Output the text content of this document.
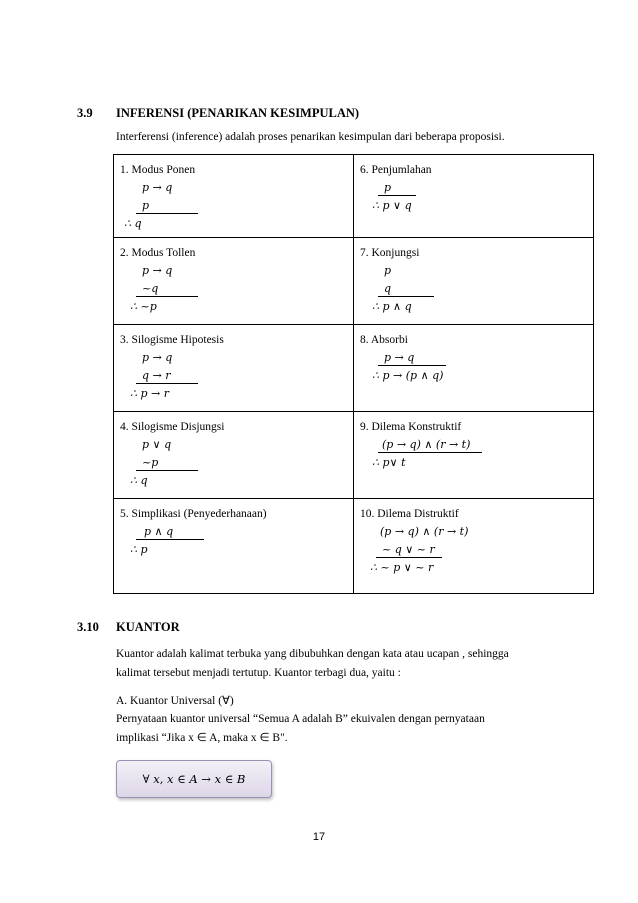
3.9 INFERENSI (PENARIKAN KESIMPULAN)
Interferensi (inference) adalah proses penarikan kesimpulan dari beberapa proposisi.
1. Modus Ponen
p → q
p
∴ q	6. Penjumlahan
p
∴ p ∨ q

2. Modus Tollen
p → q
~q
∴ ~p	7. Konjungsi
p
q
∴ p ∧ q

3. Silogisme Hipotesis
p → q
q → r
∴ p → r	8. Absorbi
p → q
∴ p → (p ∧ q)

4. Silogisme Disjungsi
p ∨ q
~p
∴ q	9. Dilema Konstruktif
(p → q) ∧ (r → t)
∴ p∨ t

5. Simplikasi (Penyederhanaan)
p ∧ q
∴ p	10. Dilema Distruktif
(p → q) ∧ (r → t)
~ q ∨ ~ r
∴ ~ p ∨ ~ r
3.10 KUANTOR
Kuantor adalah kalimat terbuka yang dibubuhkan dengan kata atau ucapan , sehingga
kalimat tersebut menjadi tertutup. Kuantor terbagi dua, yaitu :
A. Kuantor Universal (∀)
Pernyataan kuantor universal “Semua A adalah B” ekuivalen dengan pernyataan
implikasi “Jika x ∈ A, maka x ∈ B".
∀ x, x ∈ A → x ∈ B
17
